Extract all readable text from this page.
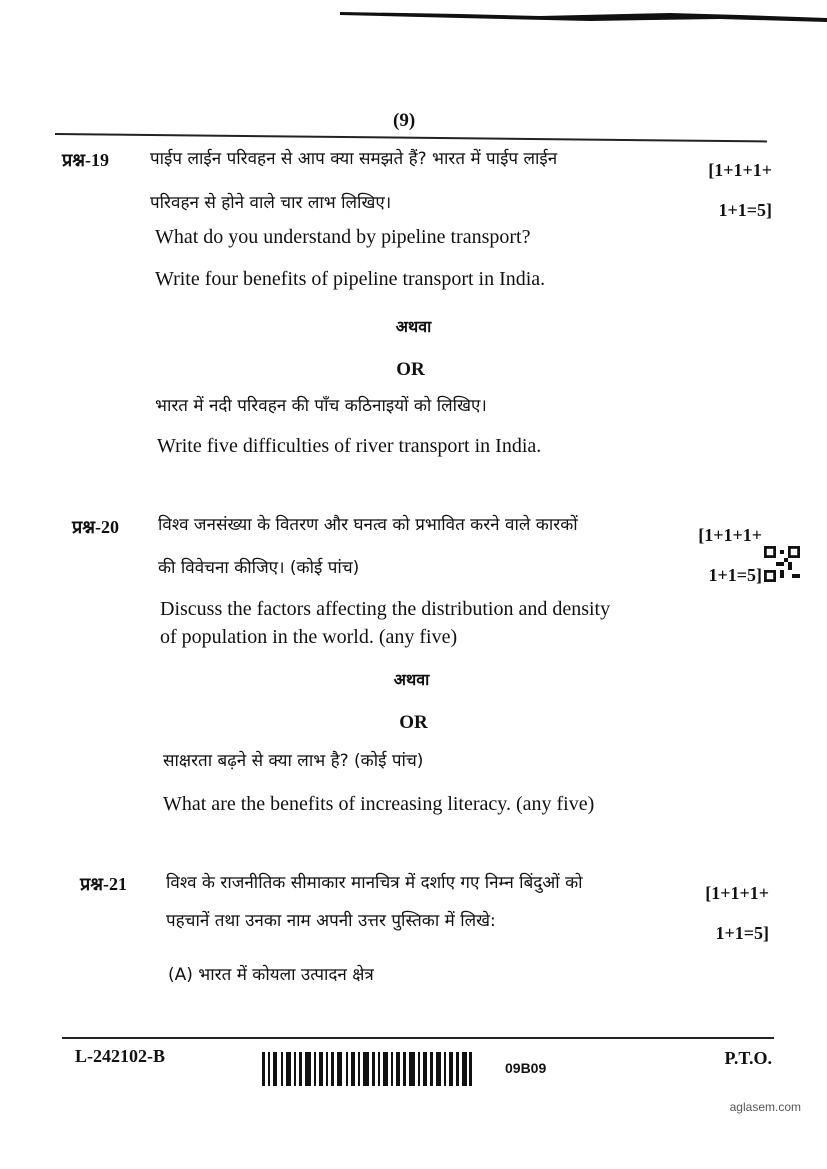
(9)
प्रश्न-19 पाईप लाईन परिवहन से आप क्या समझते हैं? भारत में पाईप लाईन
परिवहन से होने वाले चार लाभ लिखिए।
[1+1+1+
1+1=5]
What do you understand by pipeline transport?
Write four benefits of pipeline transport in India.
अथवा
OR
भारत में नदी परिवहन की पाँच कठिनाइयों को लिखिए।
Write five difficulties of river transport in India.
प्रश्न-20 विश्व जनसंख्या के वितरण और घनत्व को प्रभावित करने वाले कारकों
की विवेचना कीजिए। (कोई पांच)
[1+1+1+
1+1=5]
Discuss the factors affecting the distribution and density
of population in the world. (any five)
अथवा
OR
साक्षरता बढ़ने से क्या लाभ है? (कोई पांच)
What are the benefits of increasing literacy. (any five)
प्रश्न-21 विश्व के राजनीतिक सीमाकार मानचित्र में दर्शाए गए निम्न बिंदुओं को
पहचानें तथा उनका नाम अपनी उत्तर पुस्तिका में लिखे:
[1+1+1+
1+1=5]
(A) भारत में कोयला उत्पादन क्षेत्र
L-242102-B
09B09	P.T.O.
aglasem.com
